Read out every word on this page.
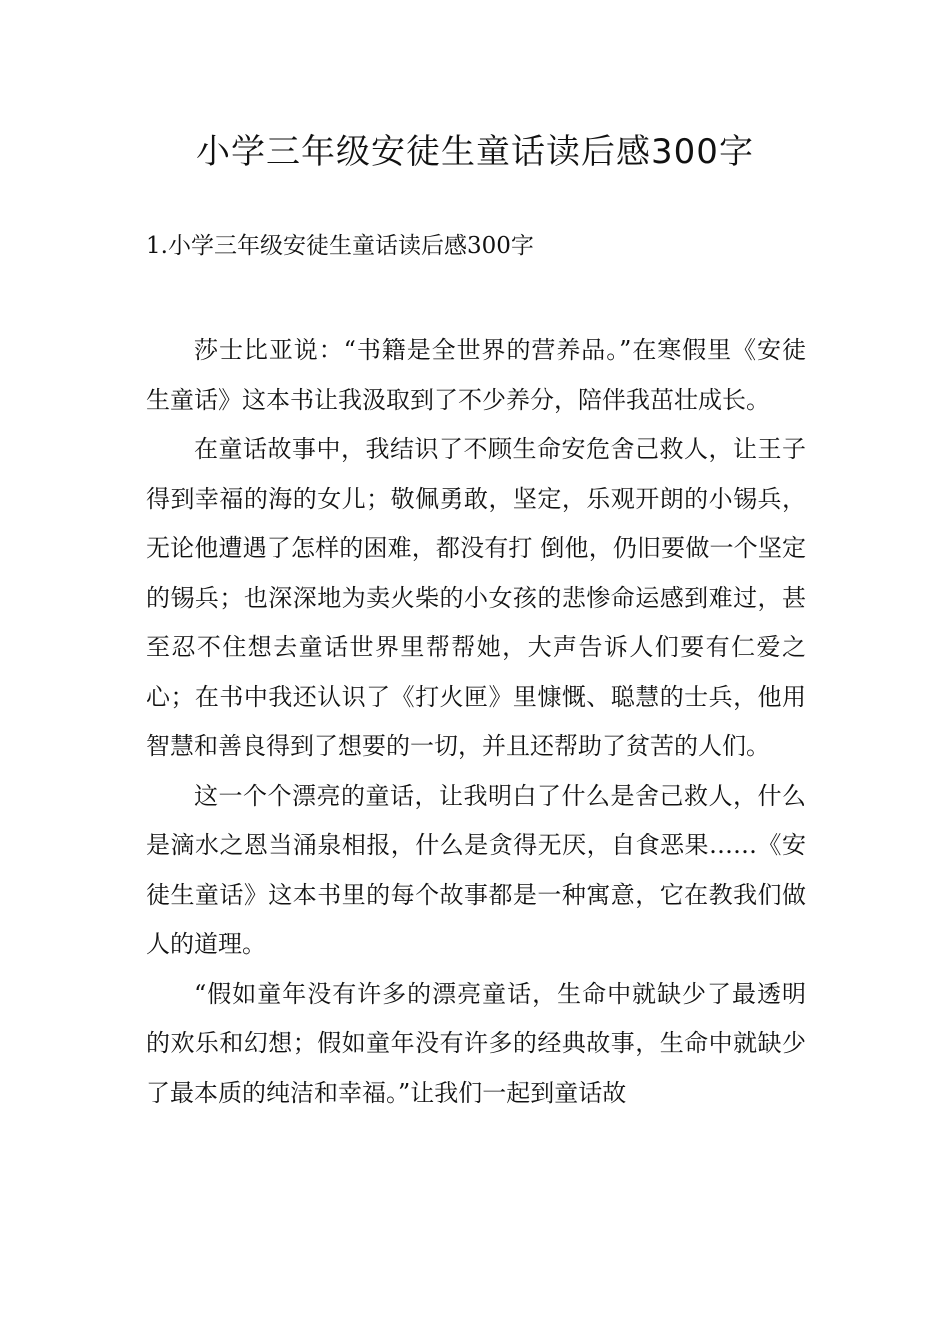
小学三年级安徒生童话读后感300字
1.小学三年级安徒生童话读后感300字

莎士比亚说：“书籍是全世界的营养品。”在寒假里《安徒生童话》这本书让我汲取到了不少养分，陪伴我茁壮成长。

在童话故事中，我结识了不顾生命安危舍己救人，让王子得到幸福的海的女儿；敬佩勇敢，坚定，乐观开朗的小锡兵，无论他遭遇了怎样的困难，都没有打 倒他，仍旧要做一个坚定的锡兵；也深深地为卖火柴的小女孩的悲惨命运感到难过，甚至忍不住想去童话世界里帮帮她，大声告诉人们要有仁爱之心；在书中我还认识了《打火匣》里慷慨、聪慧的士兵，他用智慧和善良得到了想要的一切，并且还帮助了贫苦的人们。

这一个个漂亮的童话，让我明白了什么是舍己救人，什么是滴水之恩当涌泉相报，什么是贪得无厌，自食恶果……《安徒生童话》这本书里的每个故事都是一种寓意，它在教我们做人的道理。

“假如童年没有许多的漂亮童话，生命中就缺少了最透明的欢乐和幻想；假如童年没有许多的经典故事，生命中就缺少了最本质的纯洁和幸福。”让我们一起到童话故
